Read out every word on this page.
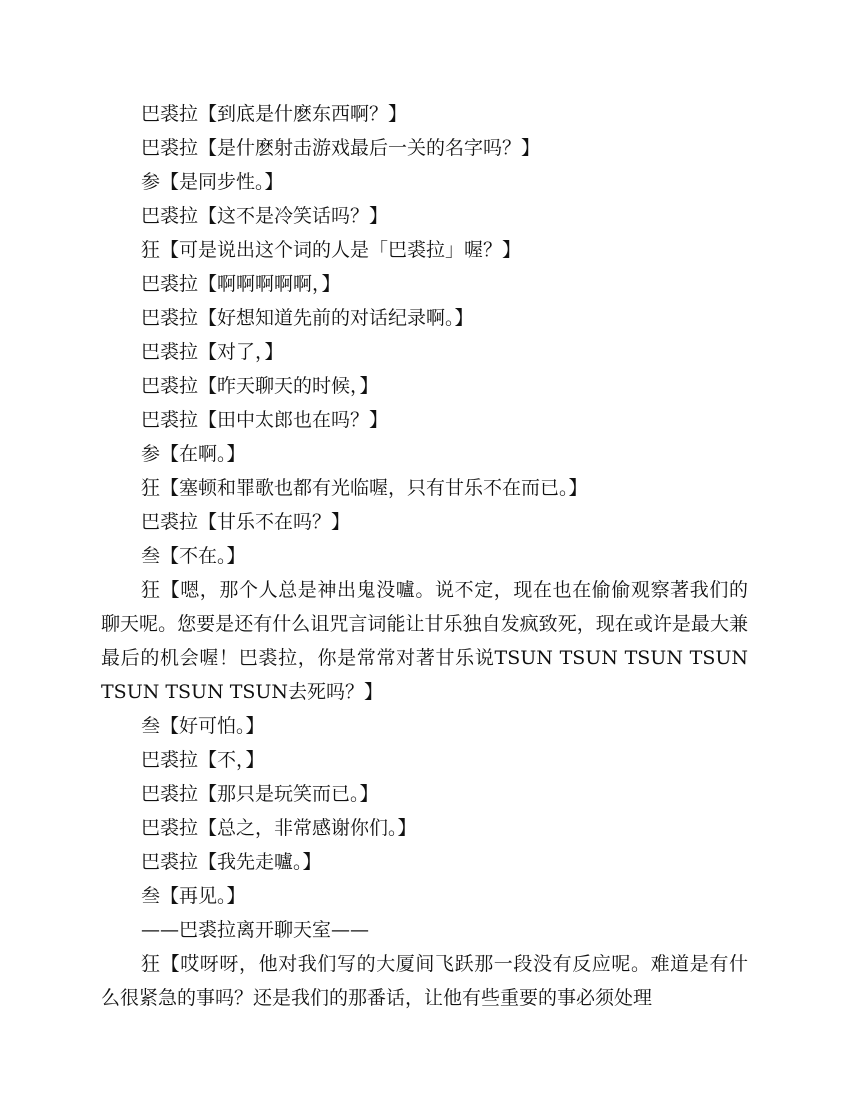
巴裘拉【到底是什麽东西啊？】

巴裘拉【是什麽射击游戏最后一关的名字吗？】

参【是同步性。】

巴裘拉【这不是冷笑话吗？】

狂【可是说出这个词的人是「巴裘拉」喔？】

巴裘拉【啊啊啊啊啊，】

巴裘拉【好想知道先前的对话纪录啊。】

巴裘拉【对了，】

巴裘拉【昨天聊天的时候，】

巴裘拉【田中太郎也在吗？】

参【在啊。】

狂【塞顿和罪歌也都有光临喔，只有甘乐不在而已。】

巴裘拉【甘乐不在吗？】

叁【不在。】

狂【嗯，那个人总是神出鬼没嚧。说不定，现在也在偷偷观察著我们的聊天呢。您要是还有什么诅咒言词能让甘乐独自发疯致死，现在或许是最大兼最后的机会喔！巴裘拉，你是常常对著甘乐说TSUN TSUN TSUN TSUN TSUN TSUN TSUN去死吗？】

叁【好可怕。】

巴裘拉【不，】

巴裘拉【那只是玩笑而已。】

巴裘拉【总之，非常感谢你们。】

巴裘拉【我先走嚧。】

叁【再见。】

——巴裘拉离开聊天室——

狂【哎呀呀，他对我们写的大厦间飞跃那一段没有反应呢。难道是有什么很紧急的事吗？还是我们的那番话，让他有些重要的事必须处理
